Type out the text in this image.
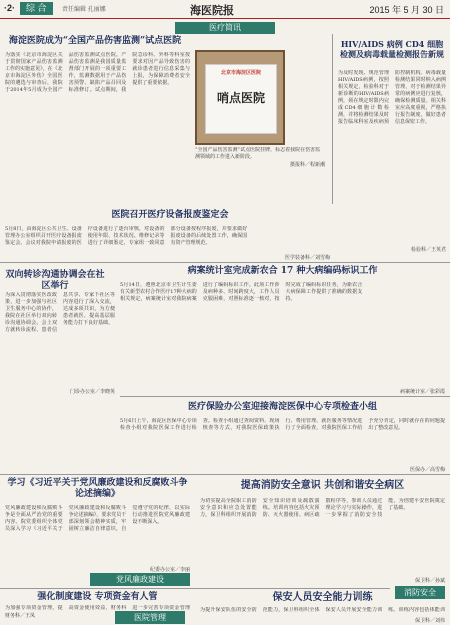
·2·	综 合	责任编辑 孔丽娜	海医院报	2015 年 5 月 30 日
医疗简讯
海淀医院成为“全国产品伤害监测”试点医院
为落实《北京市海淀区关于贯彻国家产品伤害监测工作的实施意见》，在《北京市海淀区外伤》全国医院的遴选与审查后，我院于2014年5月成为全国产品伤害监测试点医院。产品伤害监测是我国质量监督部门开展的一项重要工作，监测数据用于产品伤害预警、缺陷产品召回及标准修订。试点期间，我院急诊科、外科等科室按要求对因产品导致伤害的就诊患者进行信息采集与上报，为保障消费者安全提供了重要依据。
北京市海淀区医院
哨点医院
“全国产品伤害监测”试点医院挂牌，标志着我院在伤害监测领域的工作进入新阶段。
摄报科／程新潮
HIV/AIDS 病例 CD4 细胞检测及病毒载量检测报告新规
为及时发现、规范管理HIV/AIDS病例，按照相关规定，检验科对于新诊断的HIV/AIDS病例，须在规定时限内完成CD4细胞计数检测，并将检测结果及时报告临床科室及疾病预防控制机构。病毒载量检测结果同时纳入病例管理，对于检测结果异常的病例应进行复核，确保检测质量。相关科室应高度重视，严格执行报告制度，做好患者信息保密工作。
检验科／王英君
医院召开医疗设备报废鉴定会
5月8日，由海淀区公共卫生、设备管理办公室组织召开医疗设备报废鉴定会。会议对我院申请报废的医疗设备进行了逐台审核，对设备的使用年限、技术状况、维修记录等进行了详细鉴定，专家组一致同意部分设备按程序报废，并要求做好报废设备的后续处置工作，确保国有资产管理规范。
医学装备科／刘雪梅
双向转诊沟通协调会在社区举行
为深入贯彻落实医改政策，进一步加强与社区卫生服务中心的协作，我院在社区举行双向转诊沟通协调会。会上双方就转诊流程、患者信息共享、专家下社区等内容进行了深入交流，达成多项共识，为方便患者就医、提高基层服务能力打下良好基础。
门诊办公室／李晓英
病案统计室完成新农合 17 种大病编码标识工作
5月14日，遵照北京市卫生计生委有关新型农村合作医疗17种大病的相关规定，病案统计室对我院病案进行了编码标识工作。此项工作涉及病种多、时间跨度大，工作人员克服困难，对照标准逐一核对，按时完成了编码标识任务，为新农合大病保障工作提供了准确的数据支持。
病案统计室／张彩霞
医疗保险办公室迎接海淀医保中心专项检查小组
5月6日上午，海淀区医保中心专项检查小组对我院医保工作进行检查。检查小组通过查阅资料、现场核查等方式，对我院医保政策执行、费用管理、就医服务等情况进行了全面检查，对我院医保工作给予充分肯定，同时就存在的问题提出了整改意见。
医保办／高雪梅
学习《习近平关于党风廉政建设和反腐败斗争论述摘编》
党风廉政建设和反腐败斗争是全面从严治党的重要内容。院党委组织全体党员深入学习《习近平关于党风廉政建设和反腐败斗争论述摘编》，要求党员干部深刻领会精神实质，牢固树立廉洁自律意识，自觉遵守党的纪律，以实际行动推进医院党风廉政建设不断深入。
纪委办公室／李丽
党风廉政建设
提高消防安全意识 共创和谐安全病区
为切实提高全院职工消防安全意识和应急处置能力，保卫科组织开展消防安全知识培训及疏散演练。培训内容包括火灾预防、灭火器使用、病区疏散程序等，参训人员通过理论学习与实际操作，进一步掌握了消防安全技能，为创建平安医院奠定了基础。
保卫科／孙斌
消防安全
强化制度建设 专项资金有人管
为加强专项资金管理，提高资金使用效益，财务科进一步完善专项资金管理
财务科／王凤	医院管理
保安人员安全能力训练
为提升保安队伍的安全防范能力，保卫科组织全体保安人员开展安全能力训练。训练内容包括体能训
保卫科／刘伟
